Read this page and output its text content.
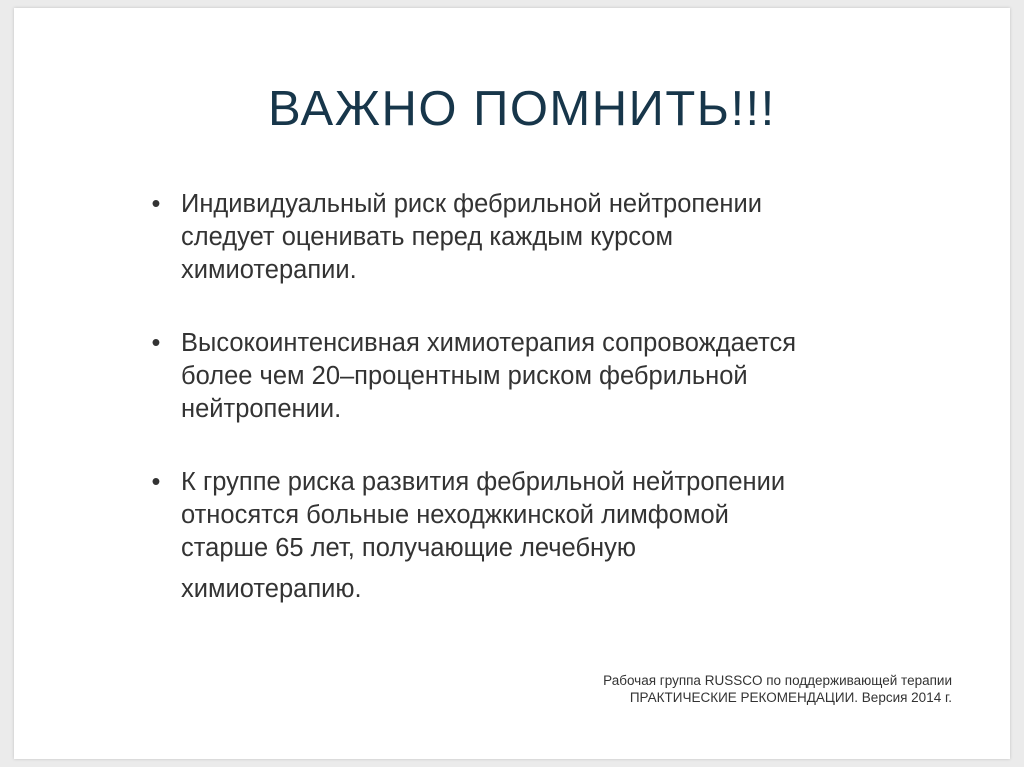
ВАЖНО ПОМНИТЬ!!!
• Индивидуальный риск фебрильной нейтропении
следует оценивать перед каждым курсом
химиотерапии.
• Высокоинтенсивная химиотерапия сопровождается
более чем 20–процентным риском фебрильной
нейтропении.
• К группе риска развития фебрильной нейтропении
относятся больные неходжкинской лимфомой
старше 65 лет, получающие лечебную
химиотерапию.
Рабочая группа RUSSCO по поддерживающей терапии
ПРАКТИЧЕСКИЕ РЕКОМЕНДАЦИИ. Версия 2014 г.
